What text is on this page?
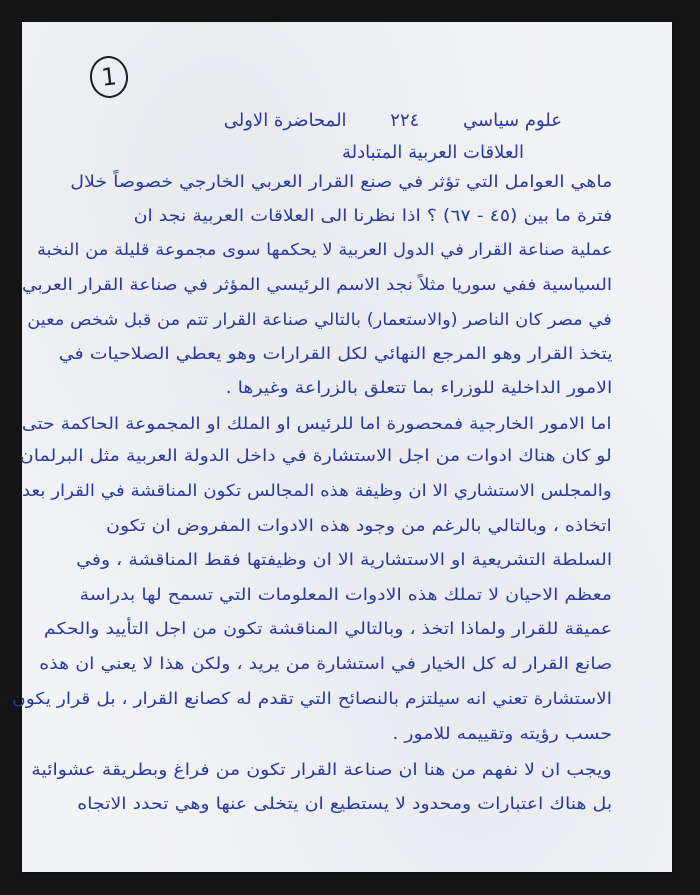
1
علوم سياسي ٢٢٤ المحاضرة الاولى
العلاقات العربية المتبادلة
ماهي العوامل التي تؤثر في صنع القرار العربي الخارجي خصوصاً خلال
فترة ما بين (٤٥ - ٦٧) ؟ اذا نظرنا الى العلاقات العربية نجد ان
عملية صناعة القرار في الدول العربية لا يحكمها سوى مجموعة قليلة من النخبة
السياسية ففي سوريا مثلاً نجد الاسم الرئيسي المؤثر في صناعة القرار العربي
في مصر كان الناصر (والاستعمار) بالتالي صناعة القرار تتم من قبل شخص معين
يتخذ القرار وهو المرجع النهائي لكل القرارات وهو يعطي الصلاحيات في
الامور الداخلية للوزراء بما تتعلق بالزراعة وغيرها .
اما الامور الخارجية فمحصورة اما للرئيس او الملك او المجموعة الحاكمة حتى
لو كان هناك ادوات من اجل الاستشارة في داخل الدولة العربية مثل البرلمان
والمجلس الاستشاري الا ان وظيفة هذه المجالس تكون المناقشة في القرار بعد
اتخاذه ، وبالتالي بالرغم من وجود هذه الادوات المفروض ان تكون
السلطة التشريعية او الاستشارية الا ان وظيفتها فقط المناقشة ، وفي
معظم الاحيان لا تملك هذه الادوات المعلومات التي تسمح لها بدراسة
عميقة للقرار ولماذا اتخذ ، وبالتالي المناقشة تكون من اجل التأييد والحكم
صانع القرار له كل الخيار في استشارة من يريد ، ولكن هذا لا يعني ان هذه
الاستشارة تعني انه سيلتزم بالنصائح التي تقدم له كصانع القرار ، بل قرار يكون
حسب رؤيته وتقييمه للامور .
ويجب ان لا نفهم من هنا ان صناعة القرار تكون من فراغ وبطريقة عشوائية
بل هناك اعتبارات ومحدود لا يستطيع ان يتخلى عنها وهي تحدد الاتجاه
